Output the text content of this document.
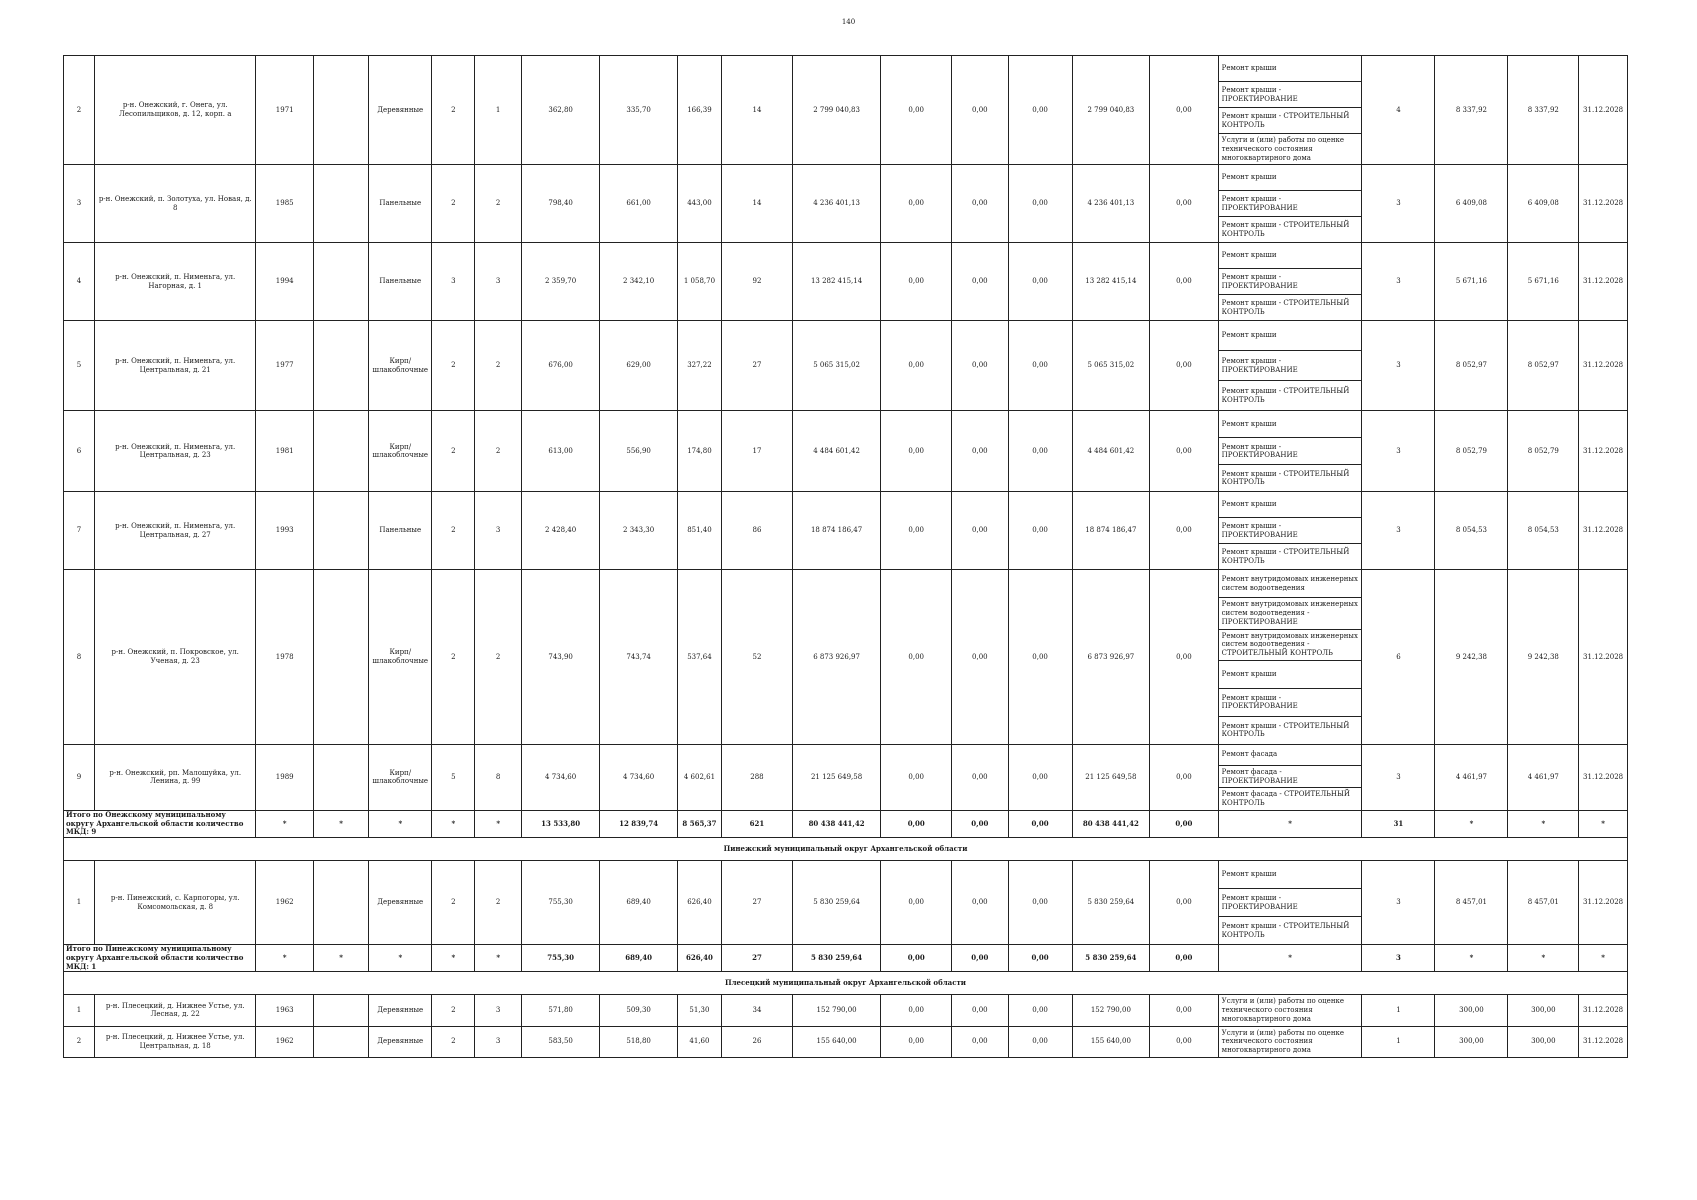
140
2	р-н. Онежский, г. Онега, ул. Лесопильщиков, д. 12, корп. а	1971		Деревянные	2	1	362,80	335,70	166,39	14	2 799 040,83	0,00	0,00	0,00	2 799 040,83	0,00	Ремонт крыши	4	8 337,92	8 337,92	31.12.2028
																	Ремонт крыши - ПРОЕКТИРОВАНИЕ				
																	Ремонт крыши - СТРОИТЕЛЬНЫЙ КОНТРОЛЬ				
																	Услуги и (или) работы по оценке технического состояния многоквартирного дома				
3	р-н. Онежский, п. Золотуха, ул. Новая, д. 8	1985		Панельные	2	2	798,40	661,00	443,00	14	4 236 401,13	0,00	0,00	0,00	4 236 401,13	0,00	Ремонт крыши	3	6 409,08	6 409,08	31.12.2028
																	Ремонт крыши - ПРОЕКТИРОВАНИЕ				
																	Ремонт крыши - СТРОИТЕЛЬНЫЙ КОНТРОЛЬ				
4	р-н. Онежский, п. Нименьга, ул. Нагорная, д. 1	1994		Панельные	3	3	2 359,70	2 342,10	1 058,70	92	13 282 415,14	0,00	0,00	0,00	13 282 415,14	0,00	Ремонт крыши	3	5 671,16	5 671,16	31.12.2028
																	Ремонт крыши - ПРОЕКТИРОВАНИЕ				
																	Ремонт крыши - СТРОИТЕЛЬНЫЙ КОНТРОЛЬ				
5	р-н. Онежский, п. Нименьга, ул. Центральная, д. 21	1977		Кирп/шлакоблочные	2	2	676,00	629,00	327,22	27	5 065 315,02	0,00	0,00	0,00	5 065 315,02	0,00	Ремонт крыши	3	8 052,97	8 052,97	31.12.2028
																	Ремонт крыши - ПРОЕКТИРОВАНИЕ				
																	Ремонт крыши - СТРОИТЕЛЬНЫЙ КОНТРОЛЬ				
6	р-н. Онежский, п. Нименьга, ул. Центральная, д. 23	1981		Кирп/шлакоблочные	2	2	613,00	556,90	174,80	17	4 484 601,42	0,00	0,00	0,00	4 484 601,42	0,00	Ремонт крыши	3	8 052,79	8 052,79	31.12.2028
																	Ремонт крыши - ПРОЕКТИРОВАНИЕ				
																	Ремонт крыши - СТРОИТЕЛЬНЫЙ КОНТРОЛЬ				
7	р-н. Онежский, п. Нименьга, ул. Центральная, д. 27	1993		Панельные	2	3	2 428,40	2 343,30	851,40	86	18 874 186,47	0,00	0,00	0,00	18 874 186,47	0,00	Ремонт крыши	3	8 054,53	8 054,53	31.12.2028
																	Ремонт крыши - ПРОЕКТИРОВАНИЕ				
																	Ремонт крыши - СТРОИТЕЛЬНЫЙ КОНТРОЛЬ				
8	р-н. Онежский, п. Покровское, ул. Ученая, д. 23	1978		Кирп/шлакоблочные	2	2	743,90	743,74	537,64	52	6 873 926,97	0,00	0,00	0,00	6 873 926,97	0,00	Ремонт внутридомовых инженерных систем водоотведения	6	9 242,38	9 242,38	31.12.2028
																	Ремонт внутридомовых инженерных систем водоотведения - ПРОЕКТИРОВАНИЕ				
																	Ремонт внутридомовых инженерных систем водоотведения - СТРОИТЕЛЬНЫЙ КОНТРОЛЬ				
																	Ремонт крыши				
																	Ремонт крыши - ПРОЕКТИРОВАНИЕ				
																	Ремонт крыши - СТРОИТЕЛЬНЫЙ КОНТРОЛЬ				
9	р-н. Онежский, рп. Малошуйка, ул. Ленина, д. 99	1989		Кирп/шлакоблочные	5	8	4 734,60	4 734,60	4 602,61	288	21 125 649,58	0,00	0,00	0,00	21 125 649,58	0,00	Ремонт фасада	3	4 461,97	4 461,97	31.12.2028
																	Ремонт фасада - ПРОЕКТИРОВАНИЕ				
																	Ремонт фасада - СТРОИТЕЛЬНЫЙ КОНТРОЛЬ				
Итого по Онежскому муниципальному округу Архангельской области количество МКД: 9		*	*	*	*	*	13 533,80	12 839,74	8 565,37	621	80 438 441,42	0,00	0,00	0,00	80 438 441,42	0,00	*	31	*	*	*
Пинежский муниципальный округ Архангельской области																					
1	р-н. Пинежский, с. Карпогоры, ул. Комсомольская, д. 8	1962		Деревянные	2	2	755,30	689,40	626,40	27	5 830 259,64	0,00	0,00	0,00	5 830 259,64	0,00	Ремонт крыши	3	8 457,01	8 457,01	31.12.2028
																	Ремонт крыши - ПРОЕКТИРОВАНИЕ				
																	Ремонт крыши - СТРОИТЕЛЬНЫЙ КОНТРОЛЬ				
Итого по Пинежскому муниципальному округу Архангельской области количество МКД: 1		*	*	*	*	*	755,30	689,40	626,40	27	5 830 259,64	0,00	0,00	0,00	5 830 259,64	0,00	*	3	*	*	*
Плесецкий муниципальный округ Архангельской области																					
1	р-н. Плесецкий, д. Нижнее Устье, ул. Лесная, д. 22	1963		Деревянные	2	3	571,80	509,30	51,30	34	152 790,00	0,00	0,00	0,00	152 790,00	0,00	Услуги и (или) работы по оценке технического состояния многоквартирного дома	1	300,00	300,00	31.12.2028
2	р-н. Плесецкий, д. Нижнее Устье, ул. Центральная, д. 18	1962		Деревянные	2	3	583,50	518,80	41,60	26	155 640,00	0,00	0,00	0,00	155 640,00	0,00	Услуги и (или) работы по оценке технического состояния многоквартирного дома	1	300,00	300,00	31.12.2028
